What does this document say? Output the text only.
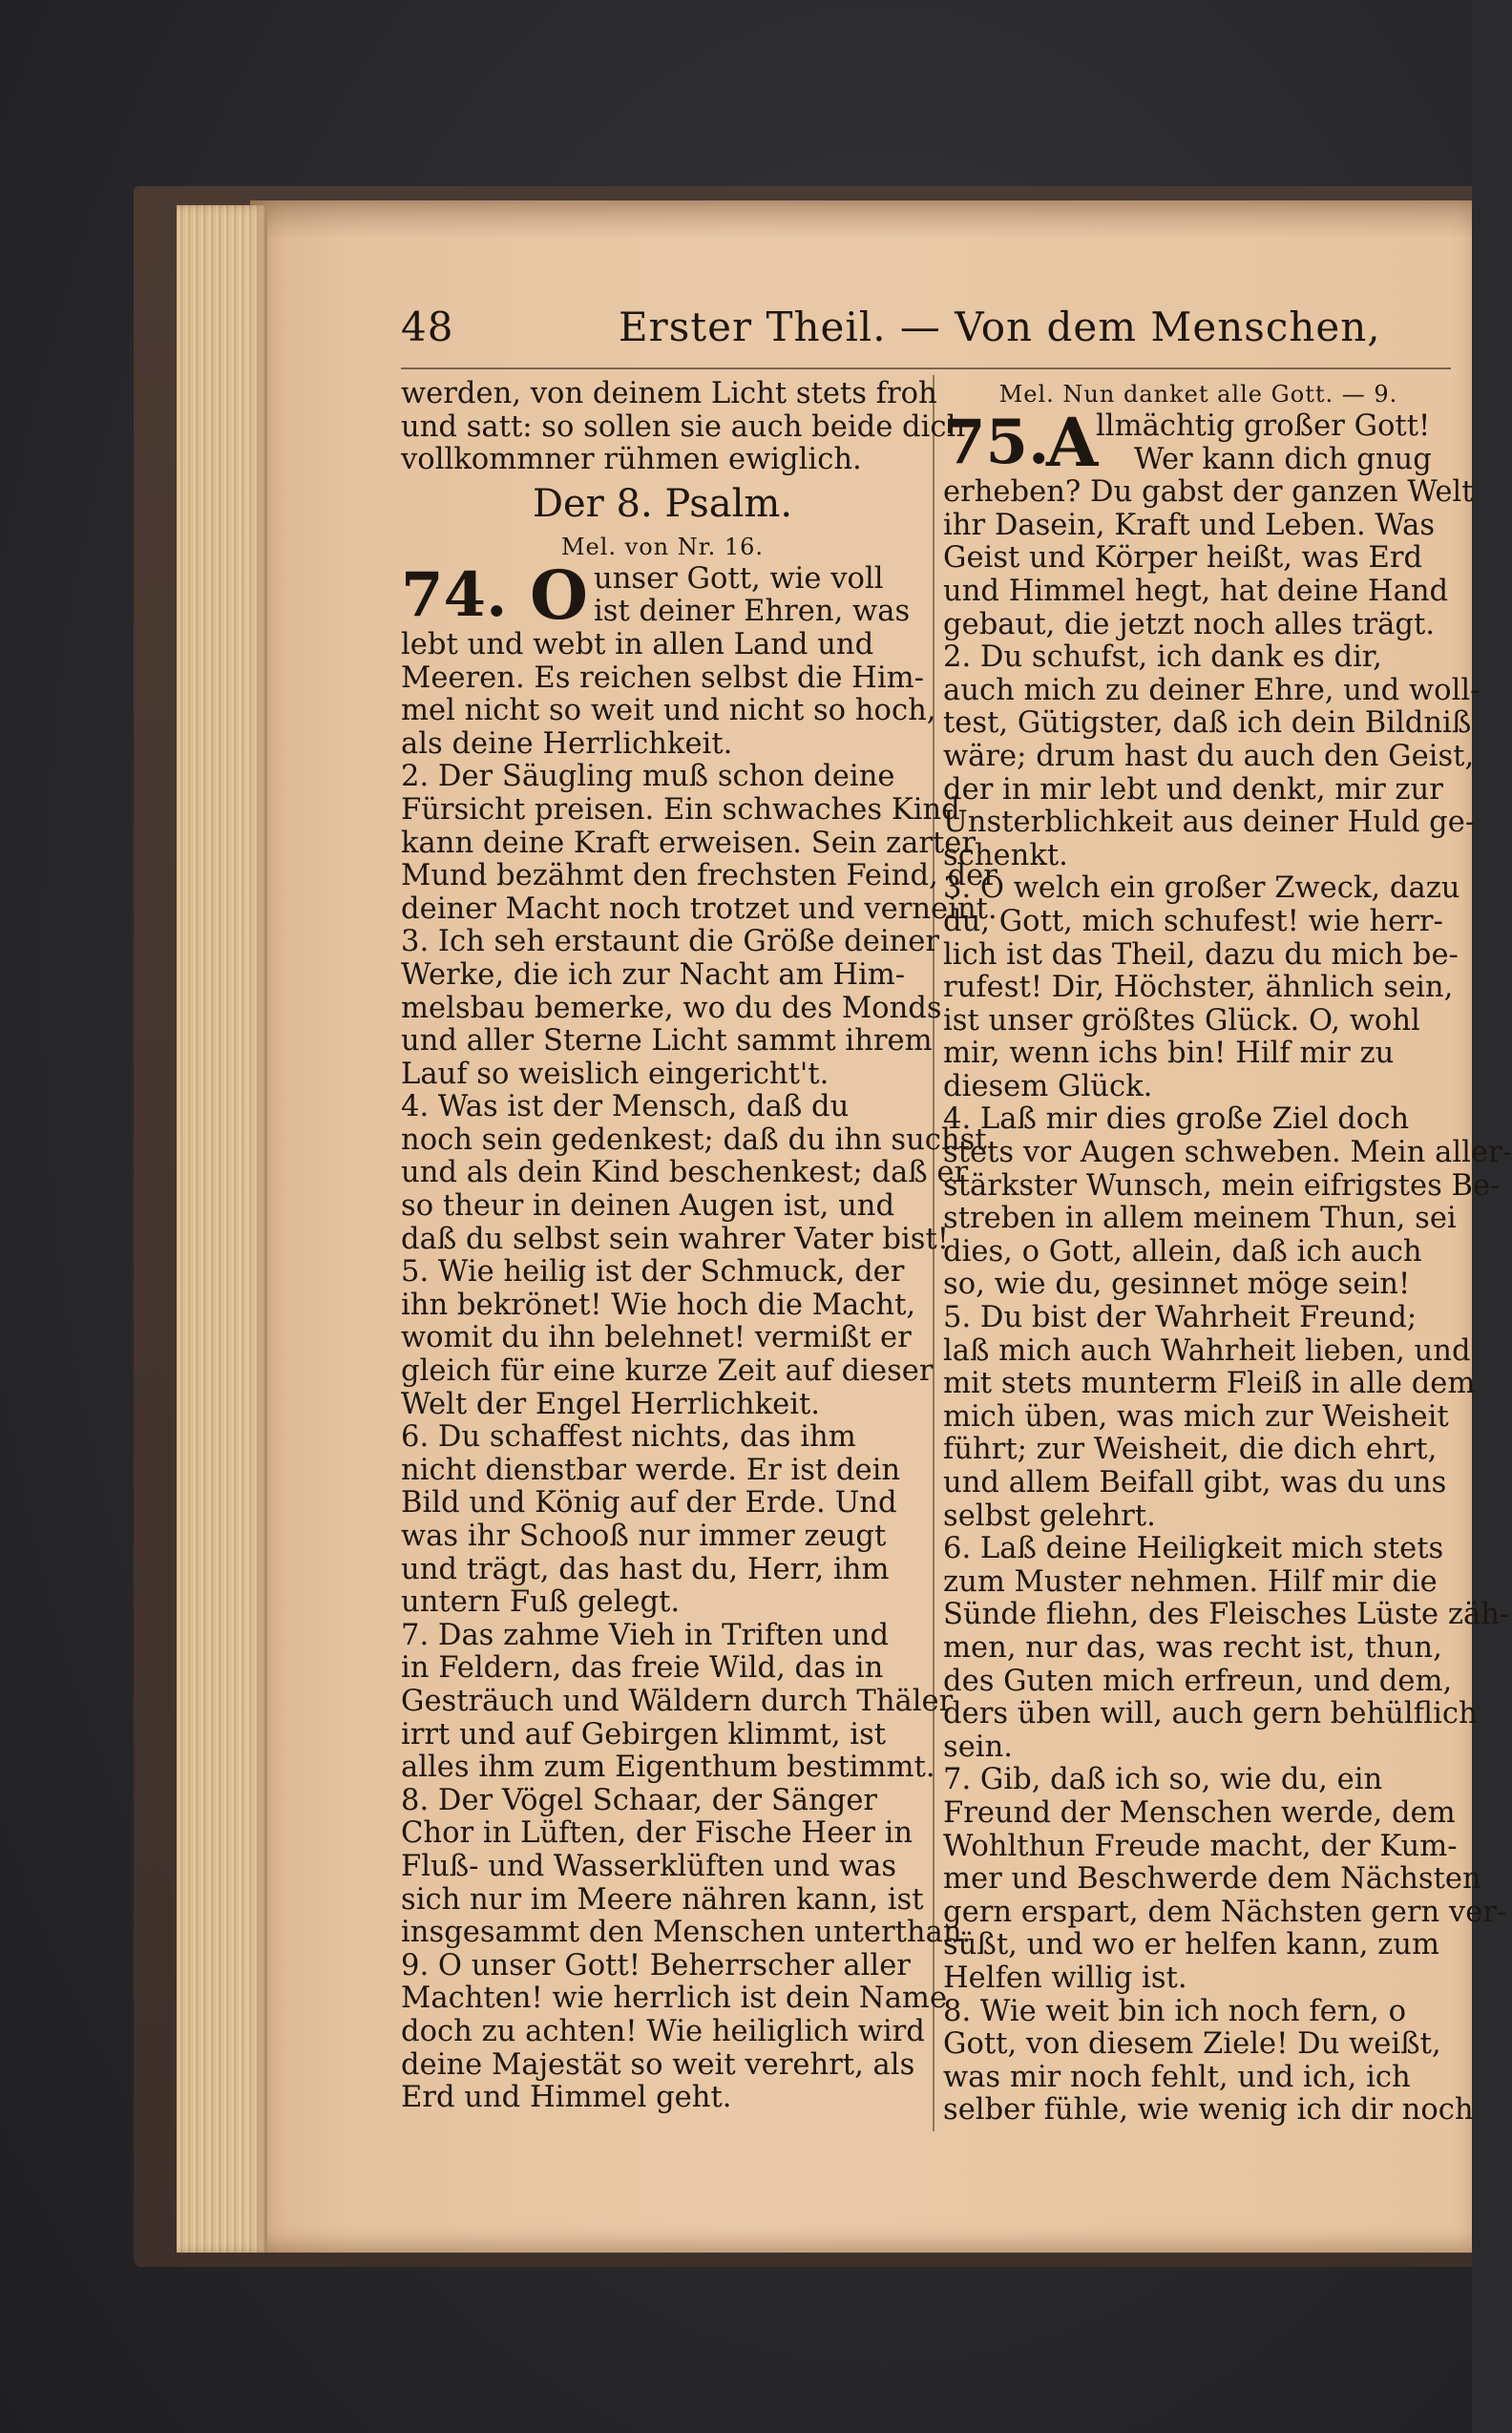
48	Erster Theil. — Von dem Menschen,
werden, von deinem Licht stets froh
und satt: so sollen sie auch beide dich
vollkommner rühmen ewiglich.
Der 8. Psalm.
Mel. von Nr. 16.
74. O unser Gott, wie voll
ist deiner Ehren, was
lebt und webt in allen Land und
Meeren. Es reichen selbst die Him-
mel nicht so weit und nicht so hoch,
als deine Herrlichkeit.
2. Der Säugling muß schon deine
Fürsicht preisen. Ein schwaches Kind
kann deine Kraft erweisen. Sein zarter
Mund bezähmt den frechsten Feind, der
deiner Macht noch trotzet und verneint.
3. Ich seh erstaunt die Größe deiner
Werke, die ich zur Nacht am Him-
melsbau bemerke, wo du des Monds
und aller Sterne Licht sammt ihrem
Lauf so weislich eingericht't.
4. Was ist der Mensch, daß du
noch sein gedenkest; daß du ihn suchst
und als dein Kind beschenkest; daß er
so theur in deinen Augen ist, und
daß du selbst sein wahrer Vater bist!
5. Wie heilig ist der Schmuck, der
ihn bekrönet! Wie hoch die Macht,
womit du ihn belehnet! vermißt er
gleich für eine kurze Zeit auf dieser
Welt der Engel Herrlichkeit.
6. Du schaffest nichts, das ihm
nicht dienstbar werde. Er ist dein
Bild und König auf der Erde. Und
was ihr Schooß nur immer zeugt
und trägt, das hast du, Herr, ihm
untern Fuß gelegt.
7. Das zahme Vieh in Triften und
in Feldern, das freie Wild, das in
Gesträuch und Wäldern durch Thäler
irrt und auf Gebirgen klimmt, ist
alles ihm zum Eigenthum bestimmt.
8. Der Vögel Schaar, der Sänger
Chor in Lüften, der Fische Heer in
Fluß- und Wasserklüften und was
sich nur im Meere nähren kann, ist
insgesammt den Menschen unterthan.
9. O unser Gott! Beherrscher aller
Machten! wie herrlich ist dein Name
doch zu achten! Wie heiliglich wird
deine Majestät so weit verehrt, als
Erd und Himmel geht.
Mel. Nun danket alle Gott. — 9.
75.
A
llmächtig großer Gott!
Wer kann dich gnug
erheben? Du gabst der ganzen Welt
ihr Dasein, Kraft und Leben. Was
Geist und Körper heißt, was Erd
und Himmel hegt, hat deine Hand
gebaut, die jetzt noch alles trägt.
2. Du schufst, ich dank es dir,
auch mich zu deiner Ehre, und woll-
test, Gütigster, daß ich dein Bildniß
wäre; drum hast du auch den Geist,
der in mir lebt und denkt, mir zur
Unsterblichkeit aus deiner Huld ge-
schenkt.
3. O welch ein großer Zweck, dazu
du, Gott, mich schufest! wie herr-
lich ist das Theil, dazu du mich be-
rufest! Dir, Höchster, ähnlich sein,
ist unser größtes Glück. O, wohl
mir, wenn ichs bin! Hilf mir zu
diesem Glück.
4. Laß mir dies große Ziel doch
stets vor Augen schweben. Mein aller-
stärkster Wunsch, mein eifrigstes Be-
streben in allem meinem Thun, sei
dies, o Gott, allein, daß ich auch
so, wie du, gesinnet möge sein!
5. Du bist der Wahrheit Freund;
laß mich auch Wahrheit lieben, und
mit stets munterm Fleiß in alle dem
mich üben, was mich zur Weisheit
führt; zur Weisheit, die dich ehrt,
und allem Beifall gibt, was du uns
selbst gelehrt.
6. Laß deine Heiligkeit mich stets
zum Muster nehmen. Hilf mir die
Sünde fliehn, des Fleisches Lüste zäh-
men, nur das, was recht ist, thun,
des Guten mich erfreun, und dem,
ders üben will, auch gern behülflich
sein.
7. Gib, daß ich so, wie du, ein
Freund der Menschen werde, dem
Wohlthun Freude macht, der Kum-
mer und Beschwerde dem Nächsten
gern erspart, dem Nächsten gern ver-
süßt, und wo er helfen kann, zum
Helfen willig ist.
8. Wie weit bin ich noch fern, o
Gott, von diesem Ziele! Du weißt,
was mir noch fehlt, und ich, ich
selber fühle, wie wenig ich dir noch
